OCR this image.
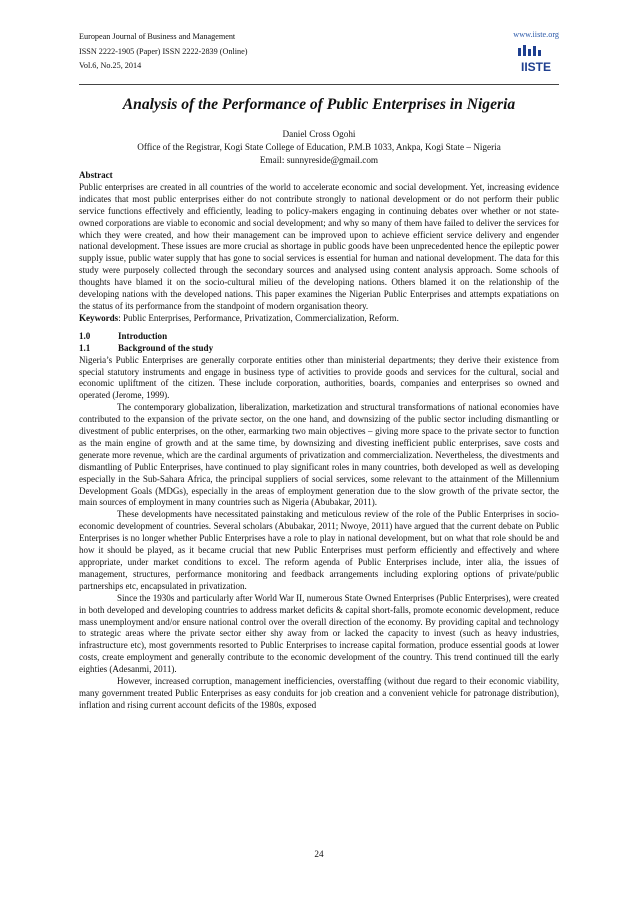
European Journal of Business and Management
ISSN 2222-1905 (Paper) ISSN 2222-2839 (Online)
Vol.6, No.25, 2014
www.iiste.org
IISTE
Analysis of the Performance of Public Enterprises in Nigeria
Daniel Cross Ogohi
Office of the Registrar, Kogi State College of Education, P.M.B 1033, Ankpa, Kogi State – Nigeria
Email: sunnyreside@gmail.com

Abstract

Public enterprises are created in all countries of the world to accelerate economic and social development. Yet, increasing evidence indicates that most public enterprises either do not contribute strongly to national development or do not perform their public service functions effectively and efficiently, leading to policy-makers engaging in continuing debates over whether or not state-owned corporations are viable to economic and social development; and why so many of them have failed to deliver the services for which they were created, and how their management can be improved upon to achieve efficient service delivery and engender national development. These issues are more crucial as shortage in public goods have been unprecedented hence the epileptic power supply issue, public water supply that has gone to social services is essential for human and national development. The data for this study were purposely collected through the secondary sources and analysed using content analysis approach. Some schools of thoughts have blamed it on the socio-cultural milieu of the developing nations. Others blamed it on the relationship of the developing nations with the developed nations. This paper examines the Nigerian Public Enterprises and attempts expatiations on the status of its performance from the standpoint of modern organisation theory.

Keywords: Public Enterprises, Performance, Privatization, Commercialization, Reform.

1.0	Introduction
1.1	Background of the study

Nigeria’s Public Enterprises are generally corporate entities other than ministerial departments; they derive their existence from special statutory instruments and engage in business type of activities to provide goods and services for the cultural, social and economic upliftment of the citizen. These include corporation, authorities, boards, companies and enterprises so owned and operated (Jerome, 1999).

The contemporary globalization, liberalization, marketization and structural transformations of national economies have contributed to the expansion of the private sector, on the one hand, and downsizing of the public sector including dismantling or divestment of public enterprises, on the other, earmarking two main objectives – giving more space to the private sector to function as the main engine of growth and at the same time, by downsizing and divesting inefficient public enterprises, save costs and generate more revenue, which are the cardinal arguments of privatization and commercialization. Nevertheless, the divestments and dismantling of Public Enterprises, have continued to play significant roles in many countries, both developed as well as developing especially in the Sub-Sahara Africa, the principal suppliers of social services, some relevant to the attainment of the Millennium Development Goals (MDGs), especially in the areas of employment generation due to the slow growth of the private sector, the main sources of employment in many countries such as Nigeria (Abubakar, 2011).

These developments have necessitated painstaking and meticulous review of the role of the Public Enterprises in socio-economic development of countries. Several scholars (Abubakar, 2011; Nwoye, 2011) have argued that the current debate on Public Enterprises is no longer whether Public Enterprises have a role to play in national development, but on what that role should be and how it should be played, as it became crucial that new Public Enterprises must perform efficiently and effectively and where appropriate, under market conditions to excel. The reform agenda of Public Enterprises include, inter alia, the issues of management, structures, performance monitoring and feedback arrangements including exploring options of private/public partnerships etc, encapsulated in privatization.

Since the 1930s and particularly after World War II, numerous State Owned Enterprises (Public Enterprises), were created in both developed and developing countries to address market deficits & capital short-falls, promote economic development, reduce mass unemployment and/or ensure national control over the overall direction of the economy. By providing capital and technology to strategic areas where the private sector either shy away from or lacked the capacity to invest (such as heavy industries, infrastructure etc), most governments resorted to Public Enterprises to increase capital formation, produce essential goods at lower costs, create employment and generally contribute to the economic development of the country. This trend continued till the early eighties (Adesanmi, 2011).

However, increased corruption, management inefficiencies, overstaffing (without due regard to their economic viability, many government treated Public Enterprises as easy conduits for job creation and a convenient vehicle for patronage distribution), inflation and rising current account deficits of the 1980s, exposed

24
